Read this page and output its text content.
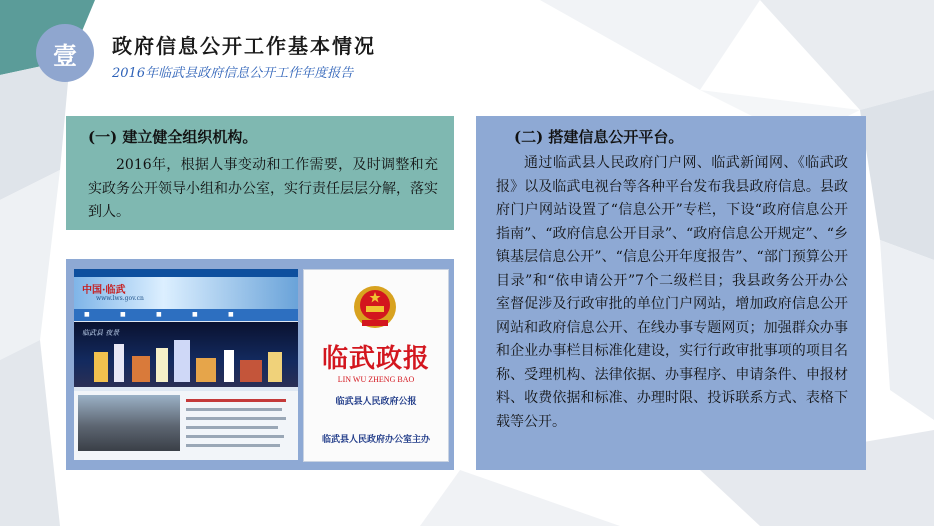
壹	政府信息公开工作基本情况
2016年临武县政府信息公开工作年度报告
(一) 建立健全组织机构。
2016年，根据人事变动和工作需要，及时调整和充实政务公开领导小组和办公室，实行责任层层分解，落实到人。
(二) 搭建信息公开平台。
通过临武县人民政府门户网、临武新闻网、《临武政报》以及临武电视台等各种平台发布我县政府信息。县政府门户网站设置了“信息公开”专栏，下设“政府信息公开指南”、“政府信息公开目录”、“政府信息公开规定”、“乡镇基层信息公开”、“信息公开年度报告”、“部门预算公开目录”和“依申请公开”7个二级栏目；我县政务公开办公室督促涉及行政审批的单位门户网站，增加政府信息公开网站和政府信息公开、在线办事专题网页；加强群众办事和企业办事栏目标准化建设，实行行政审批事项的项目名称、受理机构、法律依据、办事程序、申请条件、申报材料、收费依据和标准、办理时限、投诉联系方式、表格下载等公开。
中国·临武
www.lws.gov.cn
■	■	■	■	■
临武县 夜景
临武政报
LIN WU ZHENG BAO
临武县人民政府公报
临武县人民政府办公室主办
